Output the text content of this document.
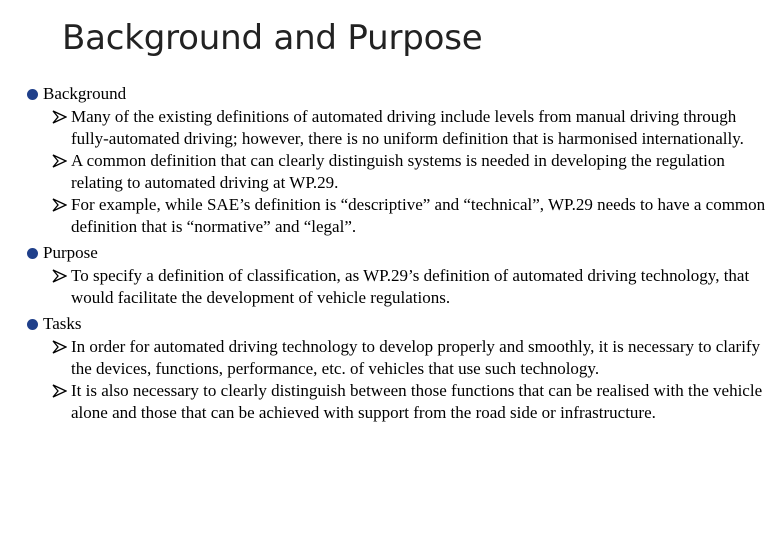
Background and Purpose
Background
Many of the existing definitions of automated driving include levels from manual driving through fully-automated driving; however, there is no uniform definition that is harmonised internationally.
A common definition that can clearly distinguish systems is needed in developing the regulation relating to automated driving at WP.29.
For example, while SAE’s definition is “descriptive” and “technical”, WP.29 needs to have a common definition that is “normative” and “legal”.
Purpose
To specify a definition of classification, as WP.29’s definition of automated driving technology, that would facilitate the development of vehicle regulations.
Tasks
In order for automated driving technology to develop properly and smoothly, it is necessary to clarify the devices, functions, performance, etc. of vehicles that use such technology.
It is also necessary to clearly distinguish between those functions that can be realised with the vehicle alone and those that can be achieved with support from the road side or infrastructure.
